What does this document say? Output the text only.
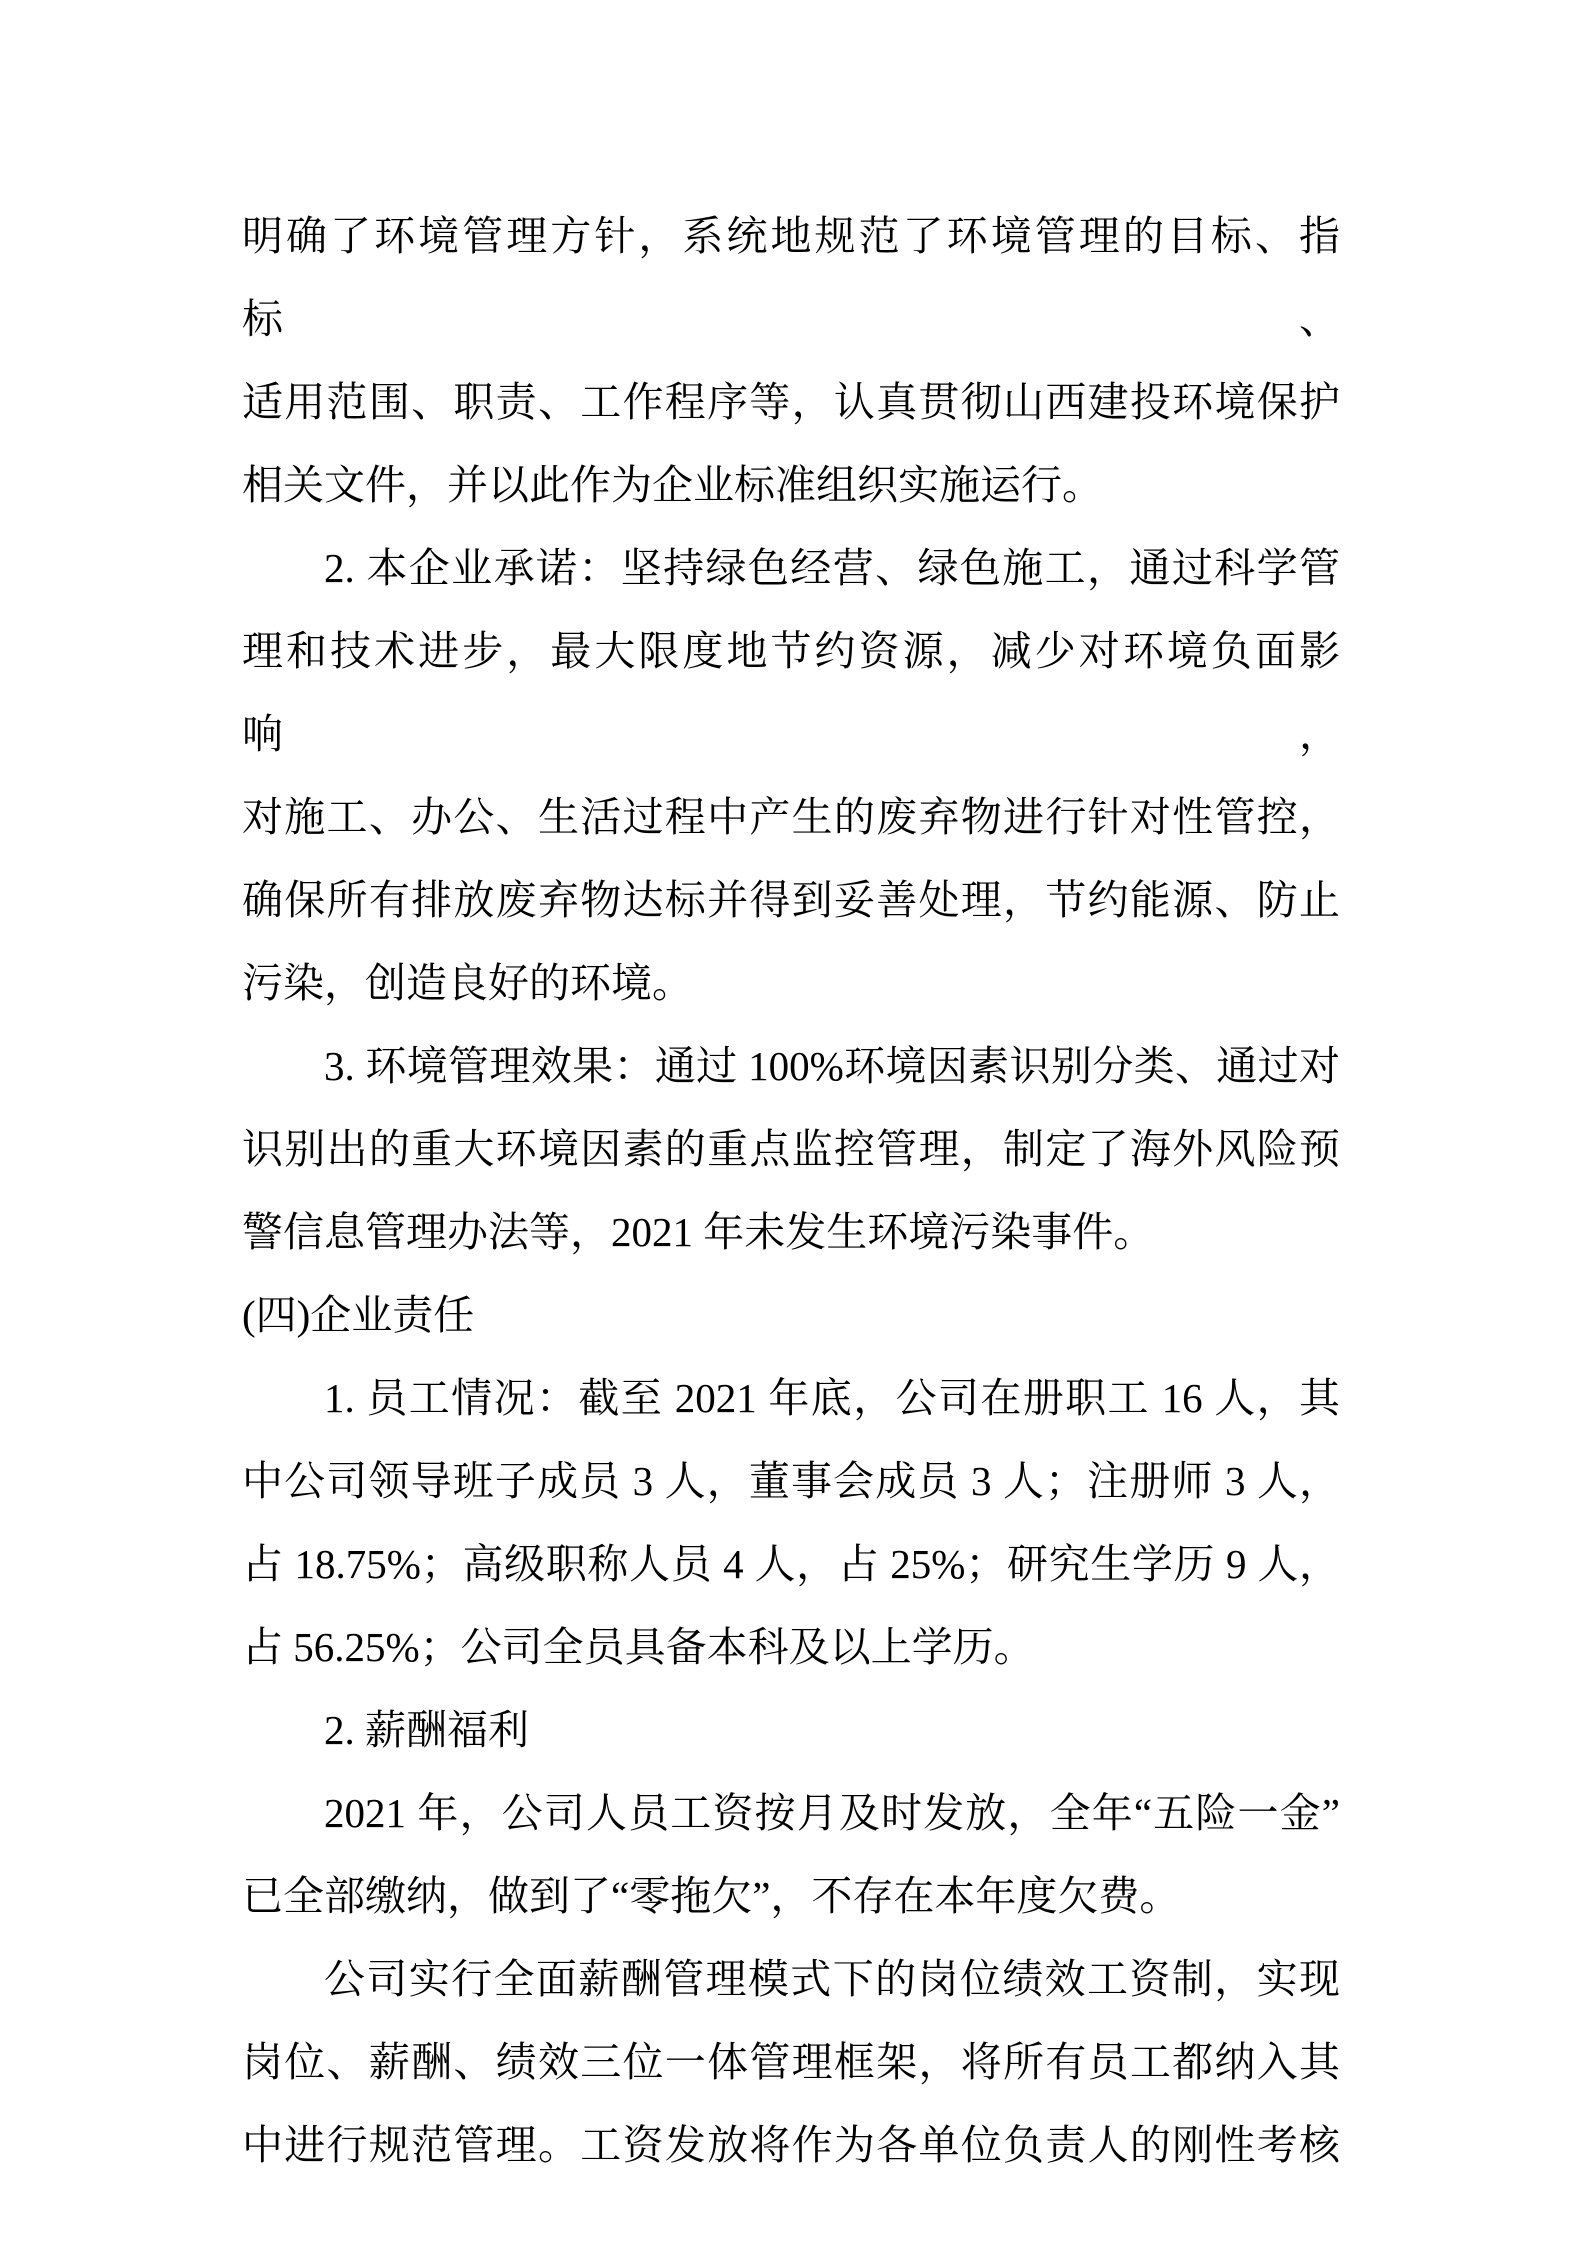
明确了环境管理方针，系统地规范了环境管理的目标、指标、

适用范围、职责、工作程序等，认真贯彻山西建投环境保护

相关文件，并以此作为企业标准组织实施运行。

2. 本企业承诺：坚持绿色经营、绿色施工，通过科学管

理和技术进步，最大限度地节约资源，减少对环境负面影响，

对施工、办公、生活过程中产生的废弃物进行针对性管控，

确保所有排放废弃物达标并得到妥善处理，节约能源、防止

污染，创造良好的环境。

3. 环境管理效果：通过 100%环境因素识别分类、通过对

识别出的重大环境因素的重点监控管理，制定了海外风险预

警信息管理办法等，2021 年未发生环境污染事件。

(四)企业责任

1. 员工情况：截至 2021 年底，公司在册职工 16 人，其

中公司领导班子成员 3 人，董事会成员 3 人；注册师 3 人，

占 18.75%；高级职称人员 4 人，占 25%；研究生学历 9 人，

占 56.25%；公司全员具备本科及以上学历。

2. 薪酬福利

2021 年，公司人员工资按月及时发放，全年“五险一金”

已全部缴纳，做到了“零拖欠”，不存在本年度欠费。

公司实行全面薪酬管理模式下的岗位绩效工资制，实现

岗位、薪酬、绩效三位一体管理框架，将所有员工都纳入其

中进行规范管理。工资发放将作为各单位负责人的刚性考核
